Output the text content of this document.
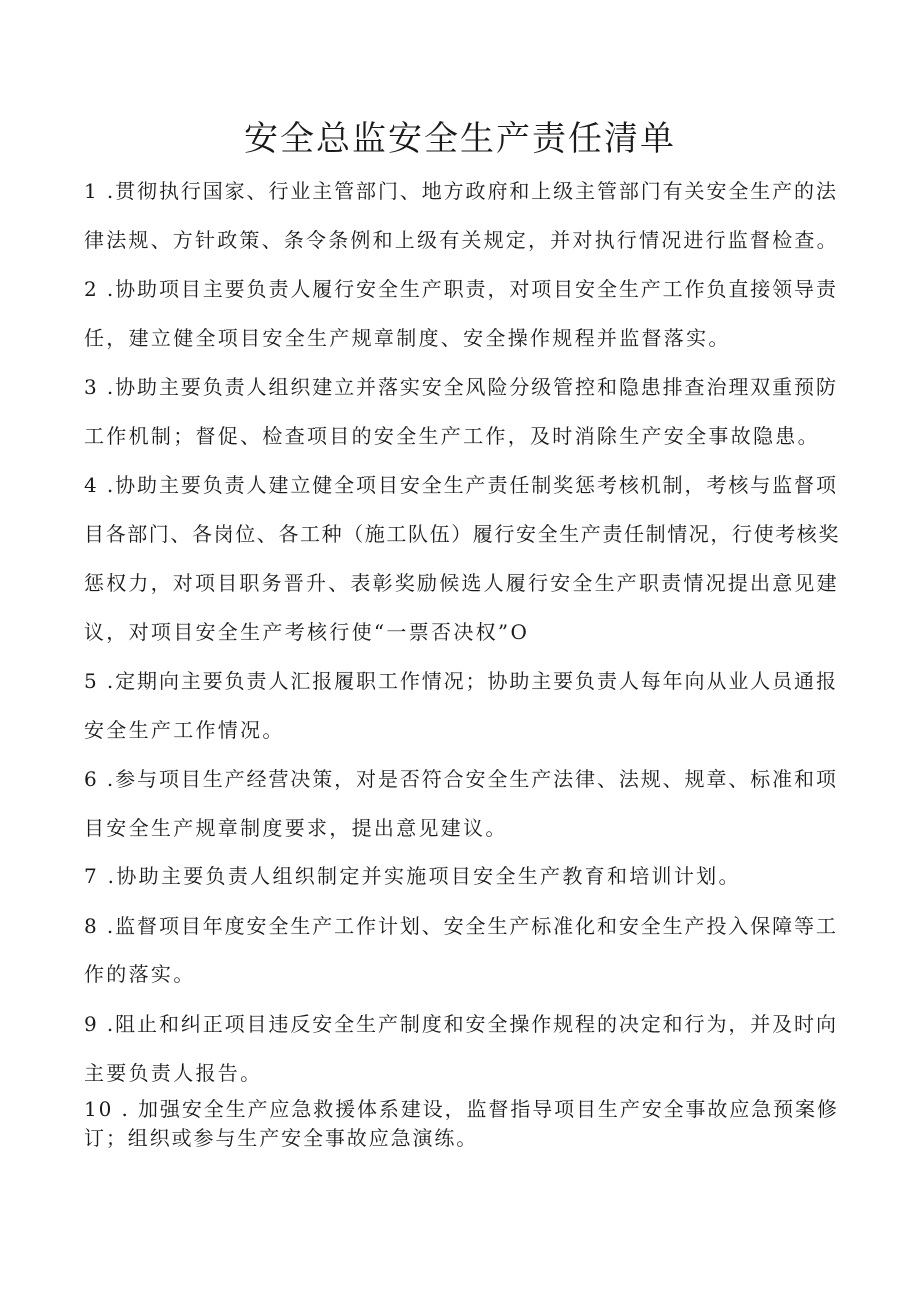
安全总监安全生产责任清单

1 .贯彻执行国家、行业主管部门、地方政府和上级主管部门有关安全生产的法

律法规、方针政策、条令条例和上级有关规定，并对执行情况进行监督检查。

2 .协助项目主要负责人履行安全生产职责，对项目安全生产工作负直接领导责

任，建立健全项目安全生产规章制度、安全操作规程并监督落实。

3 .协助主要负责人组织建立并落实安全风险分级管控和隐患排查治理双重预防

工作机制；督促、检查项目的安全生产工作，及时消除生产安全事故隐患。

4 .协助主要负责人建立健全项目安全生产责任制奖惩考核机制，考核与监督项

目各部门、各岗位、各工种（施工队伍）履行安全生产责任制情况，行使考核奖

惩权力，对项目职务晋升、表彰奖励候选人履行安全生产职责情况提出意见建

议，对项目安全生产考核行使“一票否决权”O

5 .定期向主要负责人汇报履职工作情况；协助主要负责人每年向从业人员通报

安全生产工作情况。

6 .参与项目生产经营决策，对是否符合安全生产法律、法规、规章、标准和项

目安全生产规章制度要求，提出意见建议。

7 .协助主要负责人组织制定并实施项目安全生产教育和培训计划。

8 .监督项目年度安全生产工作计划、安全生产标准化和安全生产投入保障等工

作的落实。

9 .阻止和纠正项目违反安全生产制度和安全操作规程的决定和行为，并及时向

主要负责人报告。

10 . 加强安全生产应急救援体系建设，监督指导项目生产安全事故应急预案修

订；组织或参与生产安全事故应急演练。
